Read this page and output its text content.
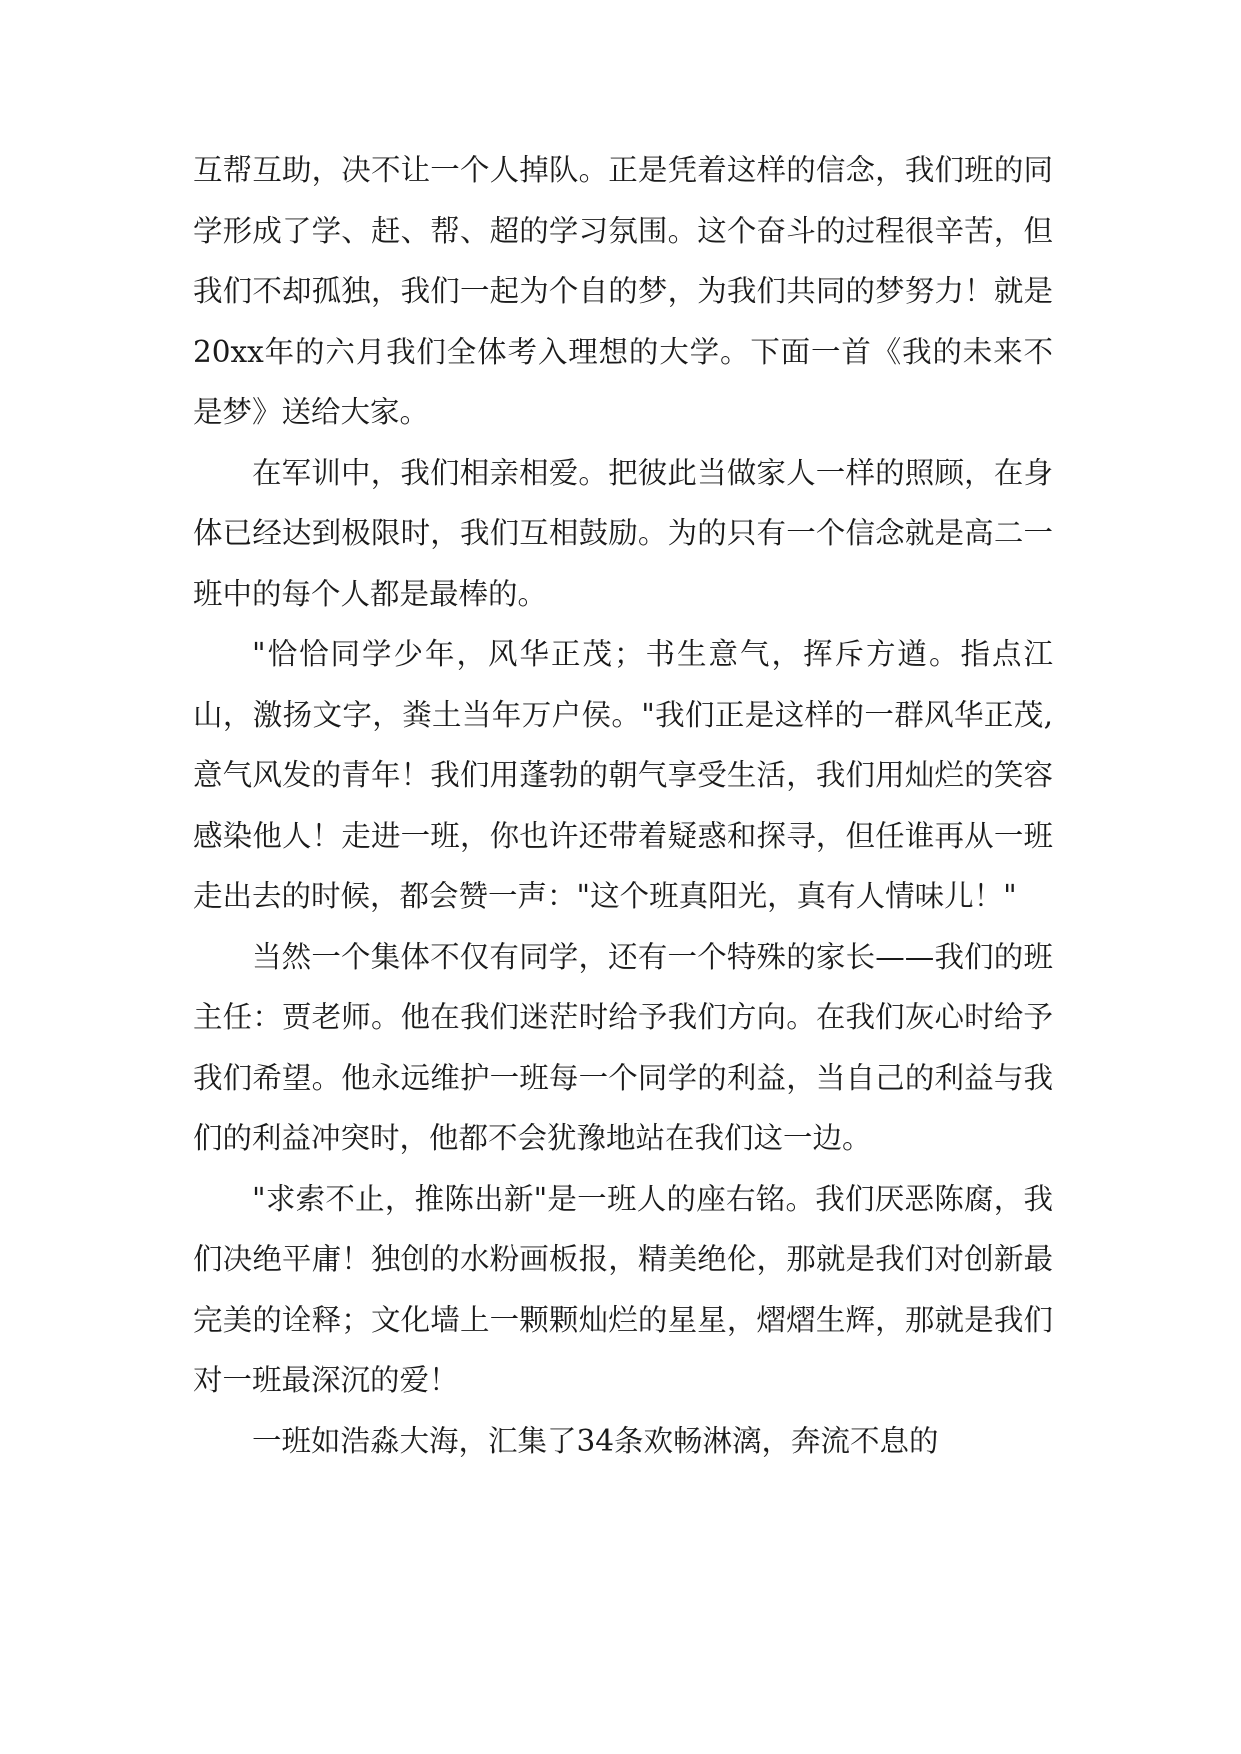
互帮互助，决不让一个人掉队。正是凭着这样的信念，我们班的同学形成了学、赶、帮、超的学习氛围。这个奋斗的过程很辛苦，但我们不却孤独，我们一起为个自的梦，为我们共同的梦努力！就是20xx年的六月我们全体考入理想的大学。下面一首《我的未来不是梦》送给大家。

在军训中，我们相亲相爱。把彼此当做家人一样的照顾，在身体已经达到极限时，我们互相鼓励。为的只有一个信念就是高二一班中的每个人都是最棒的。

"恰恰同学少年，风华正茂；书生意气，挥斥方遒。指点江山，激扬文字，粪土当年万户侯。"我们正是这样的一群风华正茂,意气风发的青年！我们用蓬勃的朝气享受生活，我们用灿烂的笑容感染他人！走进一班，你也许还带着疑惑和探寻，但任谁再从一班走出去的时候，都会赞一声："这个班真阳光，真有人情味儿！"

当然一个集体不仅有同学，还有一个特殊的家长——我们的班主任：贾老师。他在我们迷茫时给予我们方向。在我们灰心时给予我们希望。他永远维护一班每一个同学的利益，当自己的利益与我们的利益冲突时，他都不会犹豫地站在我们这一边。

"求索不止，推陈出新"是一班人的座右铭。我们厌恶陈腐，我们决绝平庸！独创的水粉画板报，精美绝伦，那就是我们对创新最完美的诠释；文化墙上一颗颗灿烂的星星，熠熠生辉，那就是我们对一班最深沉的爱！

一班如浩淼大海，汇集了34条欢畅淋漓，奔流不息的
